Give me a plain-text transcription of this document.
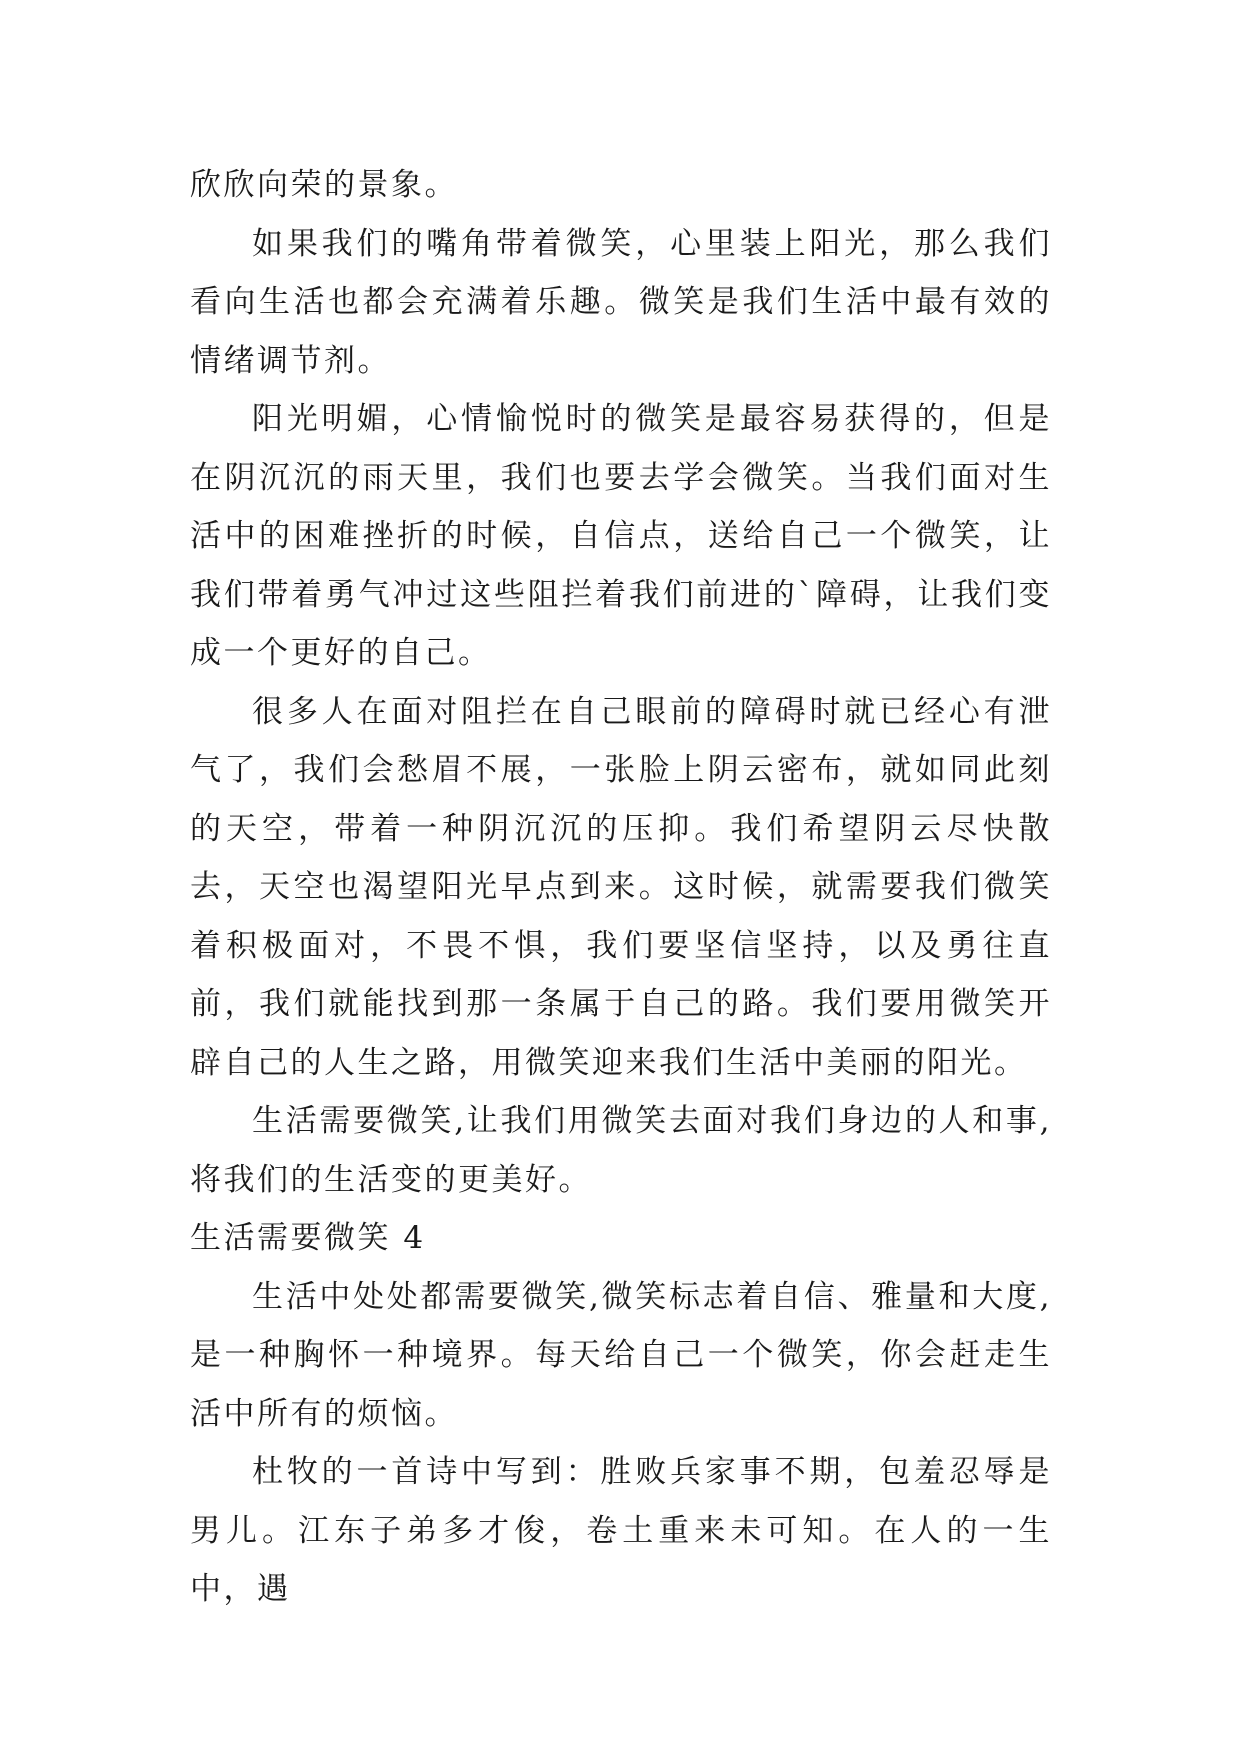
欣欣向荣的景象。

如果我们的嘴角带着微笑，心里装上阳光，那么我们看向生活也都会充满着乐趣。微笑是我们生活中最有效的情绪调节剂。

阳光明媚，心情愉悦时的微笑是最容易获得的，但是在阴沉沉的雨天里，我们也要去学会微笑。当我们面对生活中的困难挫折的时候，自信点，送给自己一个微笑，让我们带着勇气冲过这些阻拦着我们前进的`障碍，让我们变成一个更好的自己。

很多人在面对阻拦在自己眼前的障碍时就已经心有泄气了，我们会愁眉不展，一张脸上阴云密布，就如同此刻的天空，带着一种阴沉沉的压抑。我们希望阴云尽快散去，天空也渴望阳光早点到来。这时候，就需要我们微笑着积极面对，不畏不惧，我们要坚信坚持，以及勇往直前，我们就能找到那一条属于自己的路。我们要用微笑开辟自己的人生之路，用微笑迎来我们生活中美丽的阳光。

生活需要微笑,让我们用微笑去面对我们身边的人和事,将我们的生活变的更美好。

生活需要微笑 4

生活中处处都需要微笑,微笑标志着自信、雅量和大度,是一种胸怀一种境界。每天给自己一个微笑，你会赶走生活中所有的烦恼。

杜牧的一首诗中写到：胜败兵家事不期，包羞忍辱是男儿。江东子弟多才俊，卷土重来未可知。在人的一生中，遇
